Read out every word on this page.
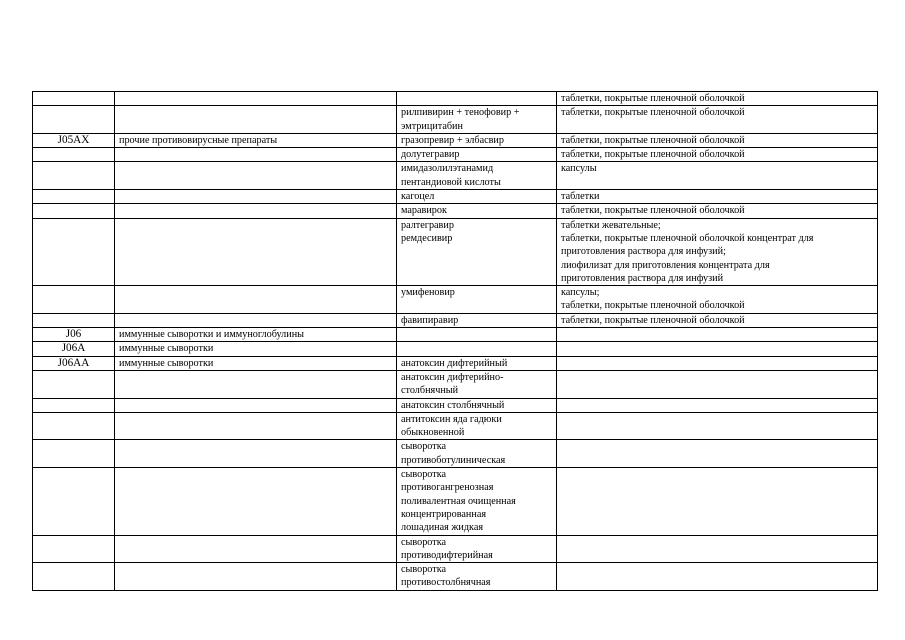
			таблетки, покрытые пленочной оболочкой

		рилпивирин + тенофовир +
эмтрицитабин	таблетки, покрытые пленочной оболочкой

J05AX	прочие противовирусные препараты	гразопревир + элбасвир	таблетки, покрытые пленочной оболочкой

		долутегравир	таблетки, покрытые пленочной оболочкой

		имидазолилэтанамид
пентандиовой кислоты	капсулы

		кагоцел	таблетки

		маравирок	таблетки, покрытые пленочной оболочкой

		ралтегравир
ремдесивир	таблетки жевательные;
таблетки, покрытые пленочной оболочкой концентрат для
приготовления раствора для инфузий;
лиофилизат для приготовления концентрата для
приготовления раствора для инфузий

		умифеновир	капсулы;
таблетки, покрытые пленочной оболочкой

		фавипиравир	таблетки, покрытые пленочной оболочкой

J06	иммунные сыворотки и иммуноглобулины	

J06A	иммунные сыворотки	

J06AA	иммунные сыворотки	анатоксин дифтерийный	

		анатоксин дифтерийно-
столбнячный	

		анатоксин столбнячный	

		антитоксин яда гадюки
обыкновенной	

		сыворотка
противоботулиническая	

		сыворотка
противогангренозная
поливалентная очищенная
концентрированная
лошадиная жидкая	

		сыворотка
противодифтерийная	

		сыворотка
противостолбнячная	
